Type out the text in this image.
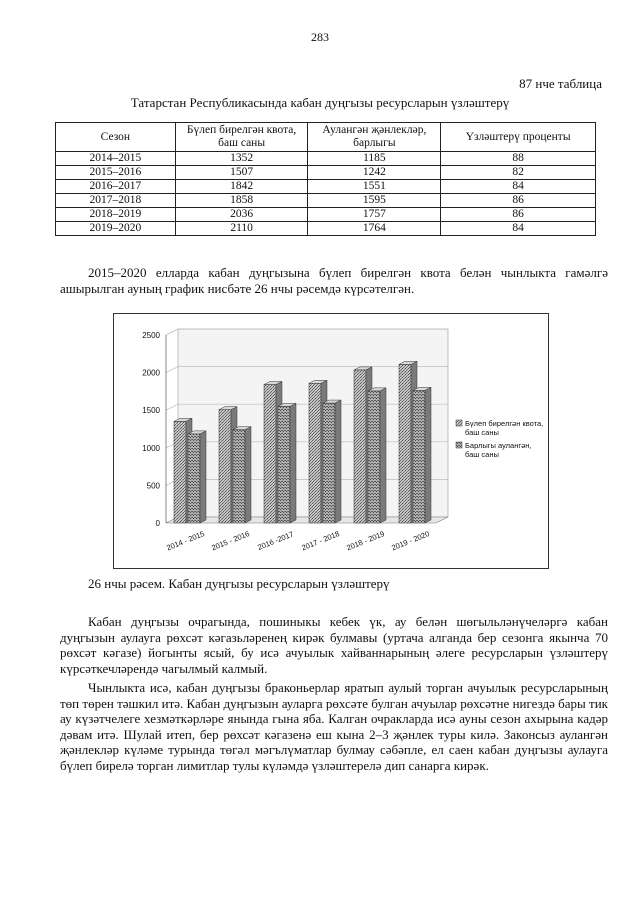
283
87 нче таблица
Татарстан Республикасында кабан дуңгызы ресурсларын үзләштерү
Сезон	Бүлеп бирелгән квота, баш саны	Аулангән җәнлекләр, барлыгы	Үзләштерү проценты
2014–2015	1352	1185	88
2015–2016	1507	1242	82
2016–2017	1842	1551	84
2017–2018	1858	1595	86
2018–2019	2036	1757	86
2019–2020	2110	1764	84

2015–2020 елларда кабан дуңгызына бүлеп бирелгән квота белән чынлыкта гамәлгә ашырылган ауның график нисбәте 26 нчы рәсемдә күрсәтелгән.

0
500
1000
1500
2000
2500
2014 - 2015 2015 - 2016 2016 -2017 2017 - 2018 2018 - 2019 2019 - 2020
Бүлеп бирелгән квота,
баш саны
Барлыгы аулангән,
баш саны
26 нчы рәсем. Кабан дуңгызы ресурсларын үзләштерү

Кабан дуңгызы очрагында, пошиныкы кебек үк, ау белән шөгыльләнүчеләргә кабан дуңгызын аулауга рөхсәт кәгазьләренең кирәк булмавы (уртача алганда бер сезонга якынча 70 рөхсәт кәгазе) йогынты ясый, бу исә ачуылык хайваннарының әлеге ресурсларын үзләштерү күрсәткечләрендә чагылмый калмый.

Чынлыкта исә, кабан дуңгызы браконьерлар яратып аулый торган ачуылык ресурсларының төп төрен тәшкил итә. Кабан дуңгызын ауларга рөхсәте булган ачуылар рөхсәтне нигездә бары тик ау күзәтчелеге хезмәткәрләре янында гына яба. Калган очракларда исә ауны сезон ахырына кадәр дәвам итә. Шулай итеп, бер рөхсәт кәгазенә еш кына 2–3 җәнлек туры килә. Законсыз аулангән җәнлекләр күләме турында төгәл мәгълүматлар булмау сәбәпле, ел саен кабан дуңгызы аулауга бүлеп бирелә торган лимитлар тулы күләмдә үзләштерелә дип санарга кирәк.
